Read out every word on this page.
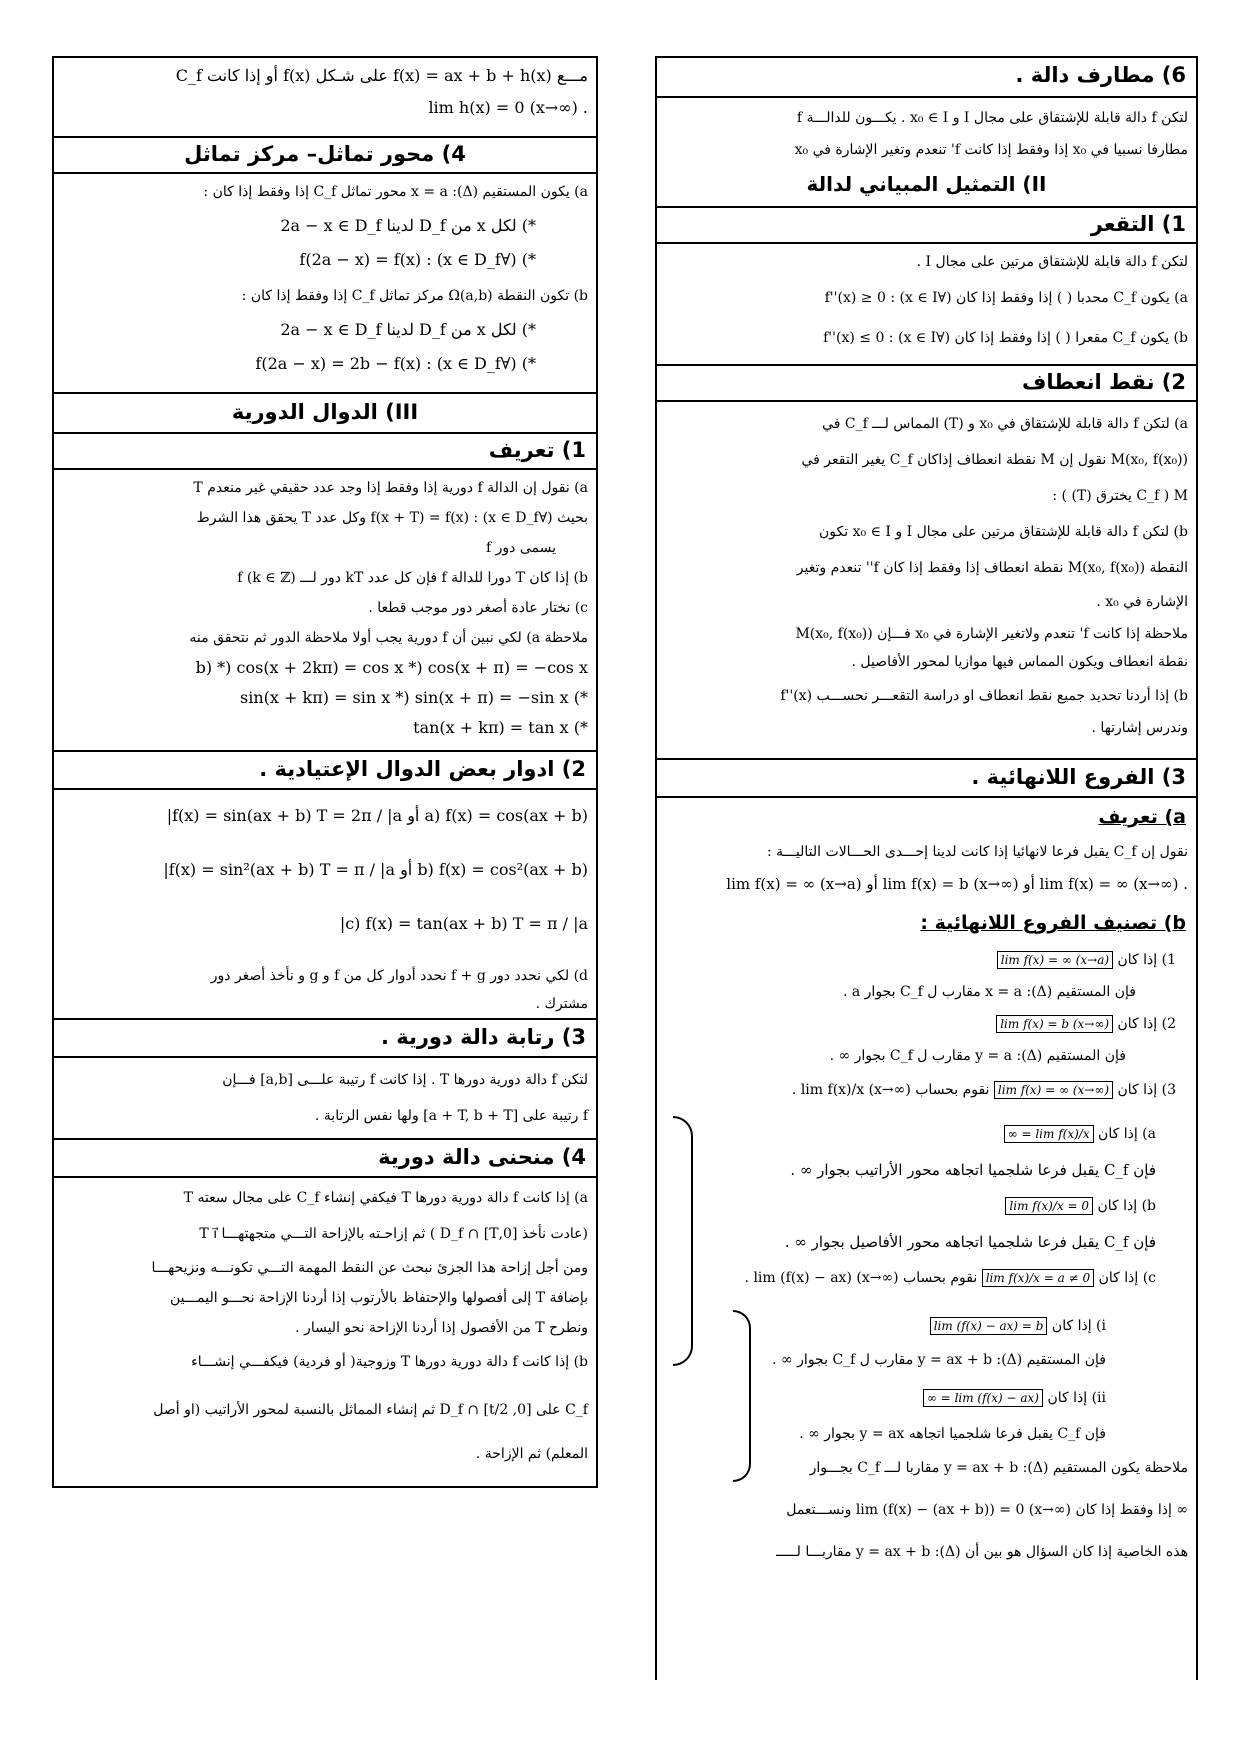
مـــع f(x) = ax + b + h(x) على شـكل f(x) أو إذا كانت C_f
. lim h(x) = 0 (x→∞)
4) محور تماثل– مركز تماثل
a) يكون المستقيم (Δ): x = a محور تماثل C_f إذا وفقط إذا كان :
*) لكل x من D_f لدينا 2a − x ∈ D_f
*) (∀x ∈ D_f) : f(2a − x) = f(x)
b) تكون النقطة Ω(a,b) مركز تماثل C_f إذا وفقط إذا كان :
*) لكل x من D_f لدينا 2a − x ∈ D_f
*) (∀x ∈ D_f) : f(2a − x) = 2b − f(x)
III) الدوال الدورية
1) تعريف
a) نقول إن الدالة f دورية إذا وفقط إذا وجد عدد حقيقي غير منعدم T
بحيث (∀x ∈ D_f) : f(x + T) = f(x) وكل عدد T يحقق هذا الشرط
يسمى دور f
b) إذا كان T دورا للدالة f فإن كل عدد kT دور لـــ f (k ∈ ℤ)
c) نختار عادة أصغر دور موجب قطعا .
ملاحظة a) لكي نبين أن f دورية يجب أولا ملاحظة الدور ثم نتحقق منه
b) *) cos(x + 2kπ) = cos x *) cos(x + π) = −cos x
*) sin(x + kπ) = sin x *) sin(x + π) = −sin x
*) tan(x + kπ) = tan x
2) ادوار بعض الدوال الإعتيادية .
a) f(x) = cos(ax + b) أو f(x) = sin(ax + b) T = 2π / |a|
b) f(x) = cos²(ax + b) أو f(x) = sin²(ax + b) T = π / |a|
c) f(x) = tan(ax + b) T = π / |a|
d) لكي نحدد دور f + g نحدد أدوار كل من f و g و نأخذ أصغر دور
مشترك .
3) رتابة دالة دورية .
لتكن f دالة دورية دورها T . إذا كانت f رتيبة علـــى [a,b] فـــإن
f رتيبة على [a + T, b + T] ولها نفس الرتابة .
4) منحنى دالة دورية
a) إذا كانت f دالة دورية دورها T فيكفي إنشاء C_f على مجال سعته T
(عادت نأخذ [0,T] ∩ D_f ) ثم إزاحـته بالإزاحة التـــي متجهتهـــا T i⃗
ومن أجل إزاحة هذا الجزئ نبحث عن النقط المهمة التـــي تكونـــه ونزيحهـــا
بإضافة T إلى أفصولها والإحتفاظ بالأرتوب إذا أردنا الإزاحة نحـــو اليمـــين
ونطرح T من الأفصول إذا أردنا الإزاحة نحو اليسار .
b) إذا كانت f دالة دورية دورها T وزوجية( أو فردية) فيكفـــي إنشـــاء
C_f على [0, t/2] ∩ D_f ثم إنشاء المماثل بالنسبة لمحور الأراتيب (او أصل
المعلم) ثم الإزاحة .
6) مطارف دالة .
لتكن f دالة قابلة للإشتقاق على مجال I و x₀ ∈ I . يكـــون للدالـــة f
مطارفا نسبيا في x₀ إذا وفقط إذا كانت f' تنعدم وتغير الإشارة في x₀
II) التمثيل المبياني لدالة
1) التقعر
لتكن f دالة قابلة للإشتقاق مرتين على مجال I .
a) يكون C_f محدبا ( ) إذا وفقط إذا كان (∀x ∈ I) : f''(x) ≥ 0
b) يكون C_f مقعرا ( ) إذا وفقط إذا كان (∀x ∈ I) : f''(x) ≤ 0
2) نقط انعطاف
a) لتكن f دالة قابلة للإشتقاق في x₀ و (T) المماس لـــ C_f في
M(x₀, f(x₀)) نقول إن M نقطة انعطاف إذاكان C_f يغير التقعر في
M ( C_f يخترق (T) ) :
b) لتكن f دالة قابلة للإشتقاق مرتين على مجال I و x₀ ∈ I تكون
النقطة M(x₀, f(x₀)) نقطة انعطاف إذا وفقط إذا كان f'' تنعدم وتغير
الإشارة في x₀ .
ملاحظة إذا كانت f' تنعدم ولاتغير الإشارة في x₀ فـــإن M(x₀, f(x₀))
نقطة انعطاف ويكون المماس فيها موازيا لمحور الأفاصيل .
b) إذا أردنا تحديد جميع نقط انعطاف او دراسة التقعـــر نحســـب f''(x)
وندرس إشارتها .
3) الفروع اللانهائية .
a) تعريف
نقول إن C_f يقبل فرعا لانهائيا إذا كانت لدينا إحـــدى الحـــالات التاليـــة :
. lim f(x) = ∞ (x→∞) أو lim f(x) = b (x→∞) أو lim f(x) = ∞ (x→a)
b) تصنيف الفروع اللانهائية :
1) إذا كان lim f(x) = ∞ (x→a)
فإن المستقيم (Δ): x = a مقارب ل C_f بجوار a .
2) إذا كان lim f(x) = b (x→∞)
فإن المستقيم (Δ): y = a مقارب ل C_f بجوار ∞ .
3) إذا كان lim f(x) = ∞ (x→∞) نقوم بحساب lim f(x)/x (x→∞) .
a) إذا كان lim f(x)/x = ∞
فإن C_f يقبل فرعا شلجميا اتجاهه محور الأراتيب بجوار ∞ .
b) إذا كان lim f(x)/x = 0
فإن C_f يقبل فرعا شلجميا اتجاهه محور الأفاصيل بجوار ∞ .
c) إذا كان lim f(x)/x = a ≠ 0 نقوم بحساب lim (f(x) − ax) (x→∞) .
i) إذا كان lim (f(x) − ax) = b
فإن المستقيم (Δ): y = ax + b مقارب ل C_f بجوار ∞ .
ii) إذا كان lim (f(x) − ax) = ∞
فإن C_f يقبل فرعا شلجميا اتجاهه y = ax بجوار ∞ .
ملاحظة يكون المستقيم (Δ): y = ax + b مقاربا لـــ C_f بجـــوار
∞ إذا وفقط إذا كان lim (f(x) − (ax + b)) = 0 (x→∞) ونســـتعمل
هذه الخاصية إذا كان السؤال هو بين أن (Δ): y = ax + b مقاربـــا لـــــ
